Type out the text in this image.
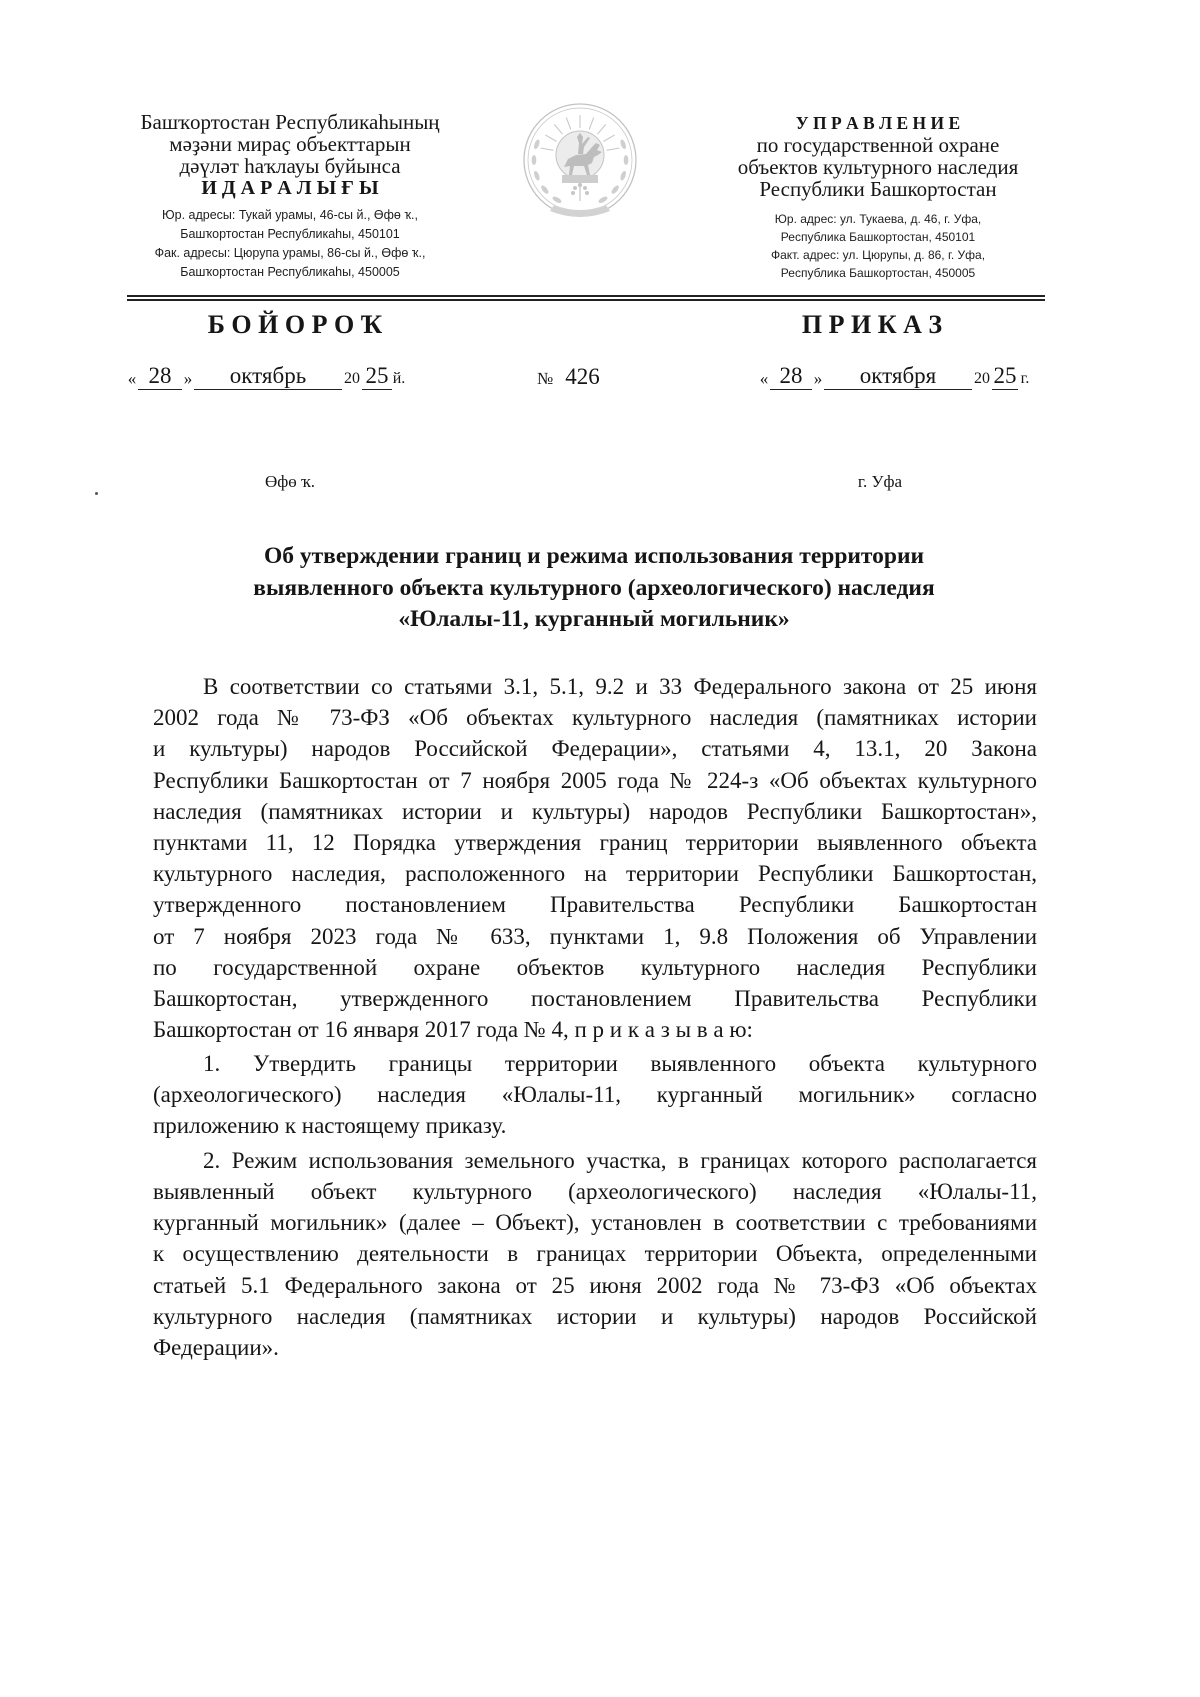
Башҡортостан Республикаһының
мәҙәни мираҫ объекттарын
дәүләт һаҡлауы буйынса
И Д А Р А Л Ы Ғ Ы
Юр. адресы: Тукай урамы, 46-сы й., Өфө ҡ.,
Башҡортостан Республикаһы, 450101
Фак. адресы: Цюрупа урамы, 86-сы й., Өфө ҡ.,
Башҡортостан Республикаһы, 450005
У П Р А В Л Е Н И Е
по государственной охране
объектов культурного наследия
Республики Башкортостан
Юр. адрес: ул. Тукаева, д. 46, г. Уфа,
Республика Башкортостан, 450101
Факт. адрес: ул. Цюрупы, д. 86, г. Уфа,
Республика Башкортостан, 450005
Б О Й О Р О Ҡ	П Р И К А З
« 28 »	октябрь	20 25 й.	№ 426	« 28 »	октября	20 25 г.
Өфө ҡ.	г. Уфа
Об утверждении границ и режима использования территории
выявленного объекта культурного (археологического) наследия
«Юлалы-11, курганный могильник»
В соответствии со статьями 3.1, 5.1, 9.2 и 33 Федерального закона от 25 июня
2002 года № 73-ФЗ «Об объектах культурного наследия (памятниках истории
и культуры) народов Российской Федерации», статьями 4, 13.1, 20 Закона
Республики Башкортостан от 7 ноября 2005 года № 224-з «Об объектах культурного
наследия (памятниках истории и культуры) народов Республики Башкортостан»,
пунктами 11, 12 Порядка утверждения границ территории выявленного объекта
культурного наследия, расположенного на территории Республики Башкортостан,
утвержденного постановлением Правительства Республики Башкортостан
от 7 ноября 2023 года № 633, пунктами 1, 9.8 Положения об Управлении
по государственной охране объектов культурного наследия Республики
Башкортостан, утвержденного постановлением Правительства Республики
Башкортостан от 16 января 2017 года № 4, п р и к а з ы в а ю:
1. Утвердить границы территории выявленного объекта культурного
(археологического) наследия «Юлалы-11, курганный могильник» согласно
приложению к настоящему приказу.
2. Режим использования земельного участка, в границах которого располагается
выявленный объект культурного (археологического) наследия «Юлалы-11,
курганный могильник» (далее – Объект), установлен в соответствии с требованиями
к осуществлению деятельности в границах территории Объекта, определенными
статьей 5.1 Федерального закона от 25 июня 2002 года № 73-ФЗ «Об объектах
культурного наследия (памятниках истории и культуры) народов Российской
Федерации».
